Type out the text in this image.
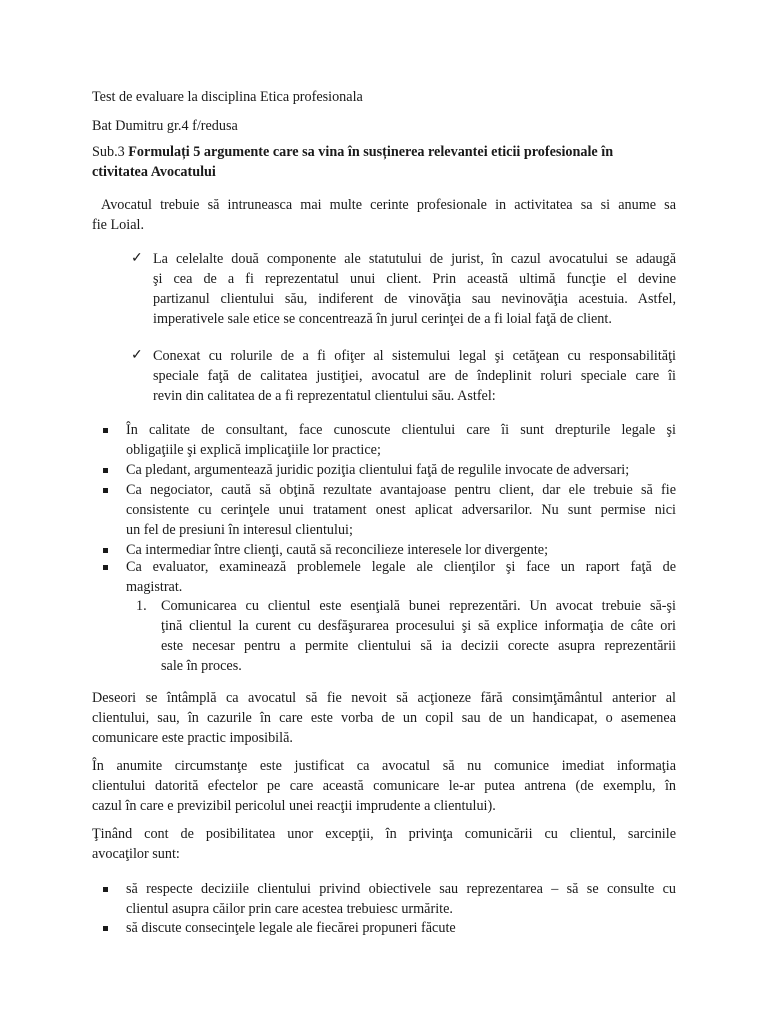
Test de evaluare la disciplina Etica profesionala
Bat Dumitru gr.4 f/redusa
Sub.3 Formulați 5 argumente care sa vina în susținerea relevantei eticii profesionale în
ctivitatea Avocatului
Avocatul trebuie să intruneasca mai multe cerinte profesionale in activitatea sa si anume sa
fie Loial.
✓ La celelalte două componente ale statutului de jurist, în cazul avocatului se adaugă
şi cea de a fi reprezentatul unui client. Prin această ultimă funcţie el devine
partizanul clientului său, indiferent de vinovăţia sau nevinovăţia acestuia. Astfel,
imperativele sale etice se concentrează în jurul cerinţei de a fi loial faţă de client.
✓ Conexat cu rolurile de a fi ofiţer al sistemului legal şi cetăţean cu responsabilităţi
speciale faţă de calitatea justiţiei, avocatul are de îndeplinit roluri speciale care îi
revin din calitatea de a fi reprezentatul clientului său. Astfel:
În calitate de consultant, face cunoscute clientului care îi sunt drepturile legale şi
obligaţiile şi explică implicaţiile lor practice;
Ca pledant, argumentează juridic poziţia clientului faţă de regulile invocate de adversari;
Ca negociator, caută să obţină rezultate avantajoase pentru client, dar ele trebuie să fie
consistente cu cerinţele unui tratament onest aplicat adversarilor. Nu sunt permise nici
un fel de presiuni în interesul clientului;
Ca intermediar între clienţi, caută să reconcilieze interesele lor divergente;
Ca evaluator, examinează problemele legale ale clienţilor şi face un raport faţă de
magistrat.
1. Comunicarea cu clientul este esenţială bunei reprezentări. Un avocat trebuie să-şi
ţină clientul la curent cu desfăşurarea procesului şi să explice informaţia de câte ori
este necesar pentru a permite clientului să ia decizii corecte asupra reprezentării
sale în proces.
Deseori se întâmplă ca avocatul să fie nevoit să acţioneze fără consimţământul anterior al
clientului, sau, în cazurile în care este vorba de un copil sau de un handicapat, o asemenea
comunicare este practic imposibilă.
În anumite circumstanţe este justificat ca avocatul să nu comunice imediat informaţia
clientului datorită efectelor pe care această comunicare le-ar putea antrena (de exemplu, în
cazul în care e previzibil pericolul unei reacţii imprudente a clientului).
Ţinând cont de posibilitatea unor excepţii, în privinţa comunicării cu clientul, sarcinile
avocaţilor sunt:
să respecte deciziile clientului privind obiectivele sau reprezentarea – să se consulte cu
clientul asupra căilor prin care acestea trebuiesc urmărite.
să discute consecinţele legale ale fiecărei propuneri făcute
